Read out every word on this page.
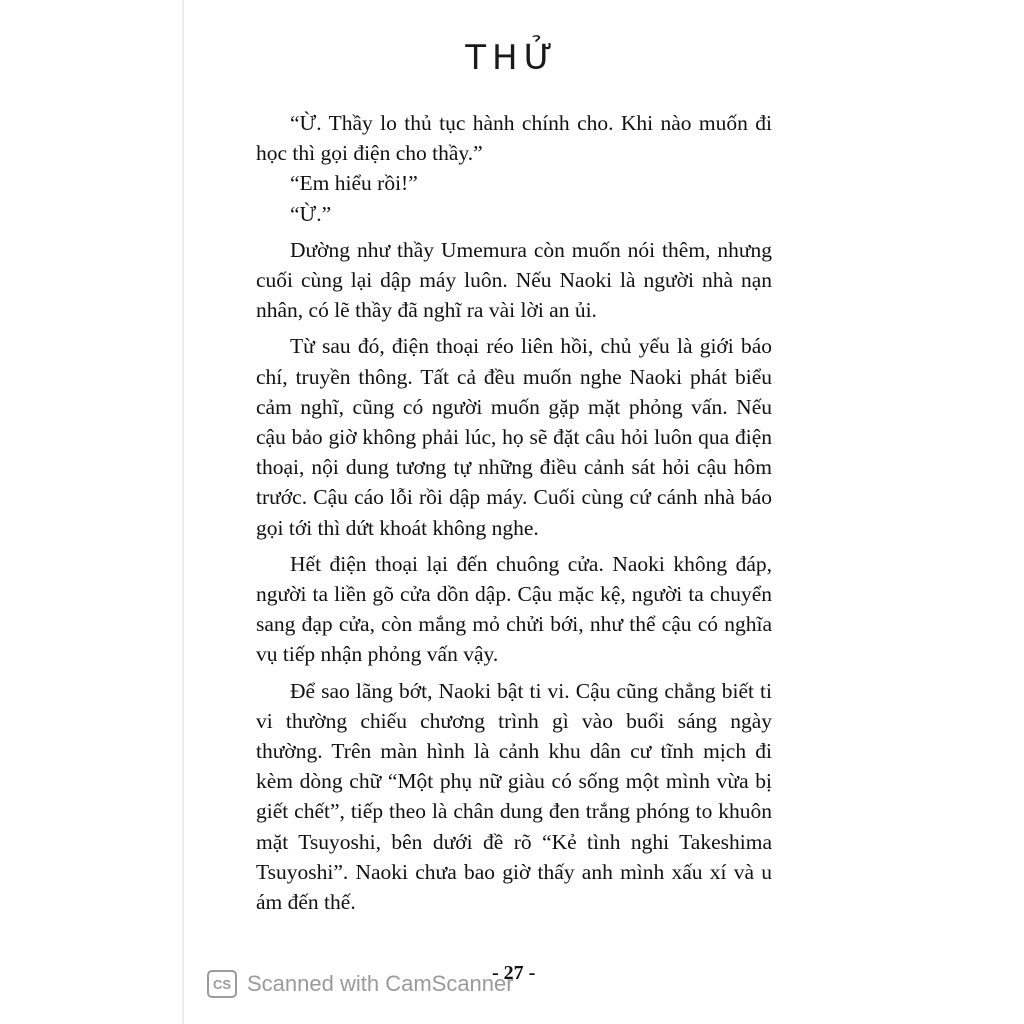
THỬ

“Ừ. Thầy lo thủ tục hành chính cho. Khi nào muốn đi học thì gọi điện cho thầy.”

“Em hiểu rồi!”

“Ừ.”

Dường như thầy Umemura còn muốn nói thêm, nhưng cuối cùng lại dập máy luôn. Nếu Naoki là người nhà nạn nhân, có lẽ thầy đã nghĩ ra vài lời an ủi.

Từ sau đó, điện thoại réo liên hồi, chủ yếu là giới báo chí, truyền thông. Tất cả đều muốn nghe Naoki phát biểu cảm nghĩ, cũng có người muốn gặp mặt phỏng vấn. Nếu cậu bảo giờ không phải lúc, họ sẽ đặt câu hỏi luôn qua điện thoại, nội dung tương tự những điều cảnh sát hỏi cậu hôm trước. Cậu cáo lỗi rồi dập máy. Cuối cùng cứ cánh nhà báo gọi tới thì dứt khoát không nghe.

Hết điện thoại lại đến chuông cửa. Naoki không đáp, người ta liền gõ cửa dồn dập. Cậu mặc kệ, người ta chuyển sang đạp cửa, còn mắng mỏ chửi bới, như thể cậu có nghĩa vụ tiếp nhận phỏng vấn vậy.

Để sao lãng bớt, Naoki bật ti vi. Cậu cũng chẳng biết ti vi thường chiếu chương trình gì vào buổi sáng ngày thường. Trên màn hình là cảnh khu dân cư tĩnh mịch đi kèm dòng chữ “Một phụ nữ giàu có sống một mình vừa bị giết chết”, tiếp theo là chân dung đen trắng phóng to khuôn mặt Tsuyoshi, bên dưới đề rõ “Kẻ tình nghi Takeshima Tsuyoshi”. Naoki chưa bao giờ thấy anh mình xấu xí và u ám đến thế.

- 27 -
CS Scanned with CamScanner
